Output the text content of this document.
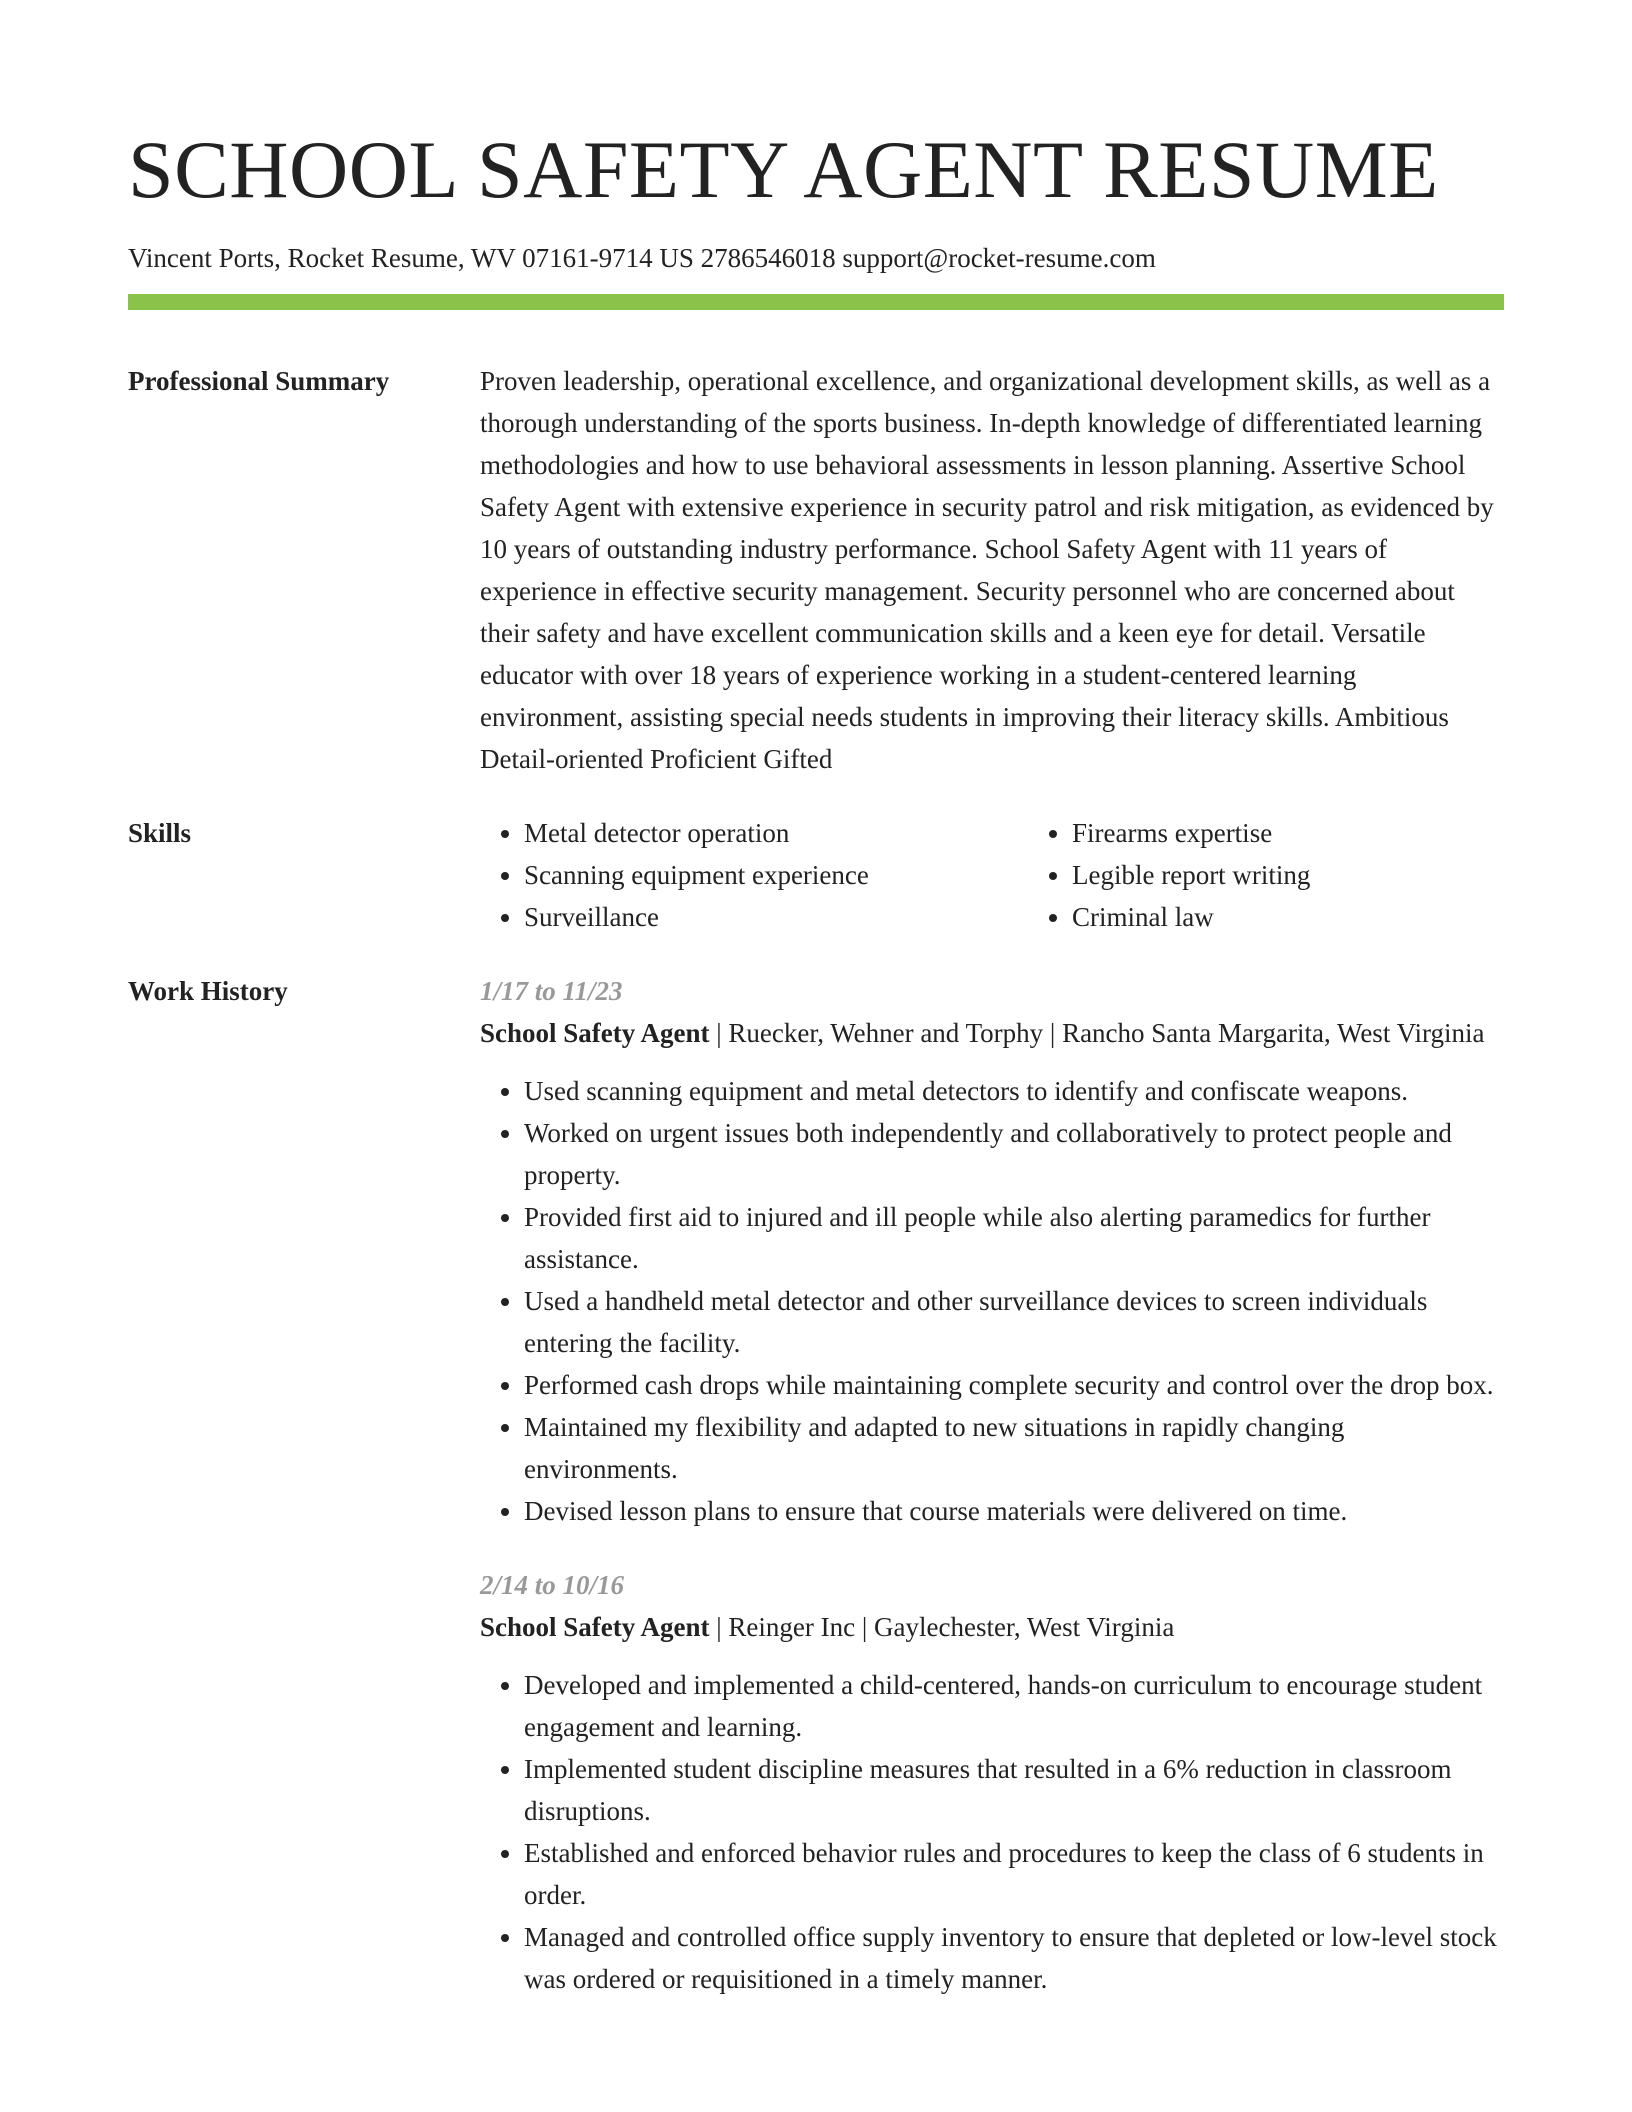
SCHOOL SAFETY AGENT RESUME
Vincent Ports, Rocket Resume, WV 07161-9714 US 2786546018 support@rocket-resume.com
Professional Summary	Proven leadership, operational excellence, and organizational development skills, as well as a thorough understanding of the sports business. In-depth knowledge of differentiated learning methodologies and how to use behavioral assessments in lesson planning. Assertive School Safety Agent with extensive experience in security patrol and risk mitigation, as evidenced by 10 years of outstanding industry performance. School Safety Agent with 11 years of experience in effective security management. Security personnel who are concerned about their safety and have excellent communication skills and a keen eye for detail. Versatile educator with over 18 years of experience working in a student-centered learning environment, assisting special needs students in improving their literacy skills. Ambitious Detail-oriented Proficient Gifted

Skills
•	Metal detector operation
• Scanning equipment experience
• Surveillance
• Firearms expertise
• Legible report writing
• Criminal law
Work History	1/17 to 11/23
School Safety Agent | Ruecker, Wehner and Torphy | Rancho Santa Margarita, West Virginia
• Used scanning equipment and metal detectors to identify and confiscate weapons.
• Worked on urgent issues both independently and collaboratively to protect people and property.
• Provided first aid to injured and ill people while also alerting paramedics for further assistance.
• Used a handheld metal detector and other surveillance devices to screen individuals entering the facility.
• Performed cash drops while maintaining complete security and control over the drop box.
• Maintained my flexibility and adapted to new situations in rapidly changing environments.
• Devised lesson plans to ensure that course materials were delivered on time.
2/14 to 10/16
School Safety Agent | Reinger Inc | Gaylechester, West Virginia
• Developed and implemented a child-centered, hands-on curriculum to encourage student engagement and learning.
• Implemented student discipline measures that resulted in a 6% reduction in classroom disruptions.
• Established and enforced behavior rules and procedures to keep the class of 6 students in order.
• Managed and controlled office supply inventory to ensure that depleted or low-level stock was ordered or requisitioned in a timely manner.
